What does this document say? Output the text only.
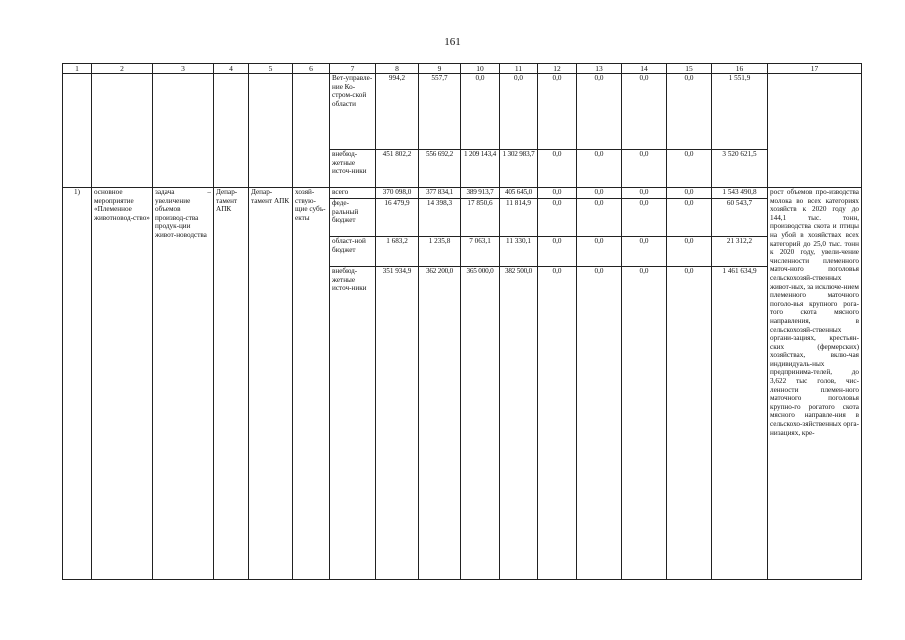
161
1	2	3	4	5	6	7	8	9	10	11	12	13	14	15	16	17
						Вет-управле-ние Ко-стром-ской области	994,2	557,7	0,0	0,0	0,0	0,0	0,0	0,0	1 551,9	
						внебюд-жетные источ-ники	451 802,2	556 692,2	1 209 143,4	1 302 983,7	0,0	0,0	0,0	0,0	3 520 621,5	
1)	основное мероприятие «Племенное животновод-ство»	задача – увеличение объемов производ-ства продук-ции живот-новодства	Депар-тамент АПК	Депар-тамент АПК	хозяй-ствую-щие субъ-екты	всего	370 098,0	377 834,1	389 913,7	405 645,0	0,0	0,0	0,0	0,0	1 543 490,8	рост объемов про-изводства молока во всех категориях хозяйств к 2020 году до 144,1 тыс. тонн, производства скота и птицы на убой в хозяйствах всех категорий до 25,0 тыс. тонн к 2020 году, увели-чение численности племенного маточ-ного поголовья сельскохозяй-ственных живот-ных, за исключе-нием племенного маточного поголо-вья крупного рога-того скота мясного направления, в сельскохозяй-ственных органи-зациях, крестьян-ских (фермерских) хозяйствах, вклю-чая индивидуаль-ных предпринима-телей, до 3,622 тыс голов, чис-ленности племен-ного маточного поголовья крупно-го рогатого скота мясного направле-ния в сельскохо-зяйственных орга-низациях, кре-
						феде-ральный бюджет	16 479,9	14 398,3	17 850,6	11 814,9	0,0	0,0	0,0	0,0	60 543,7	
						област-ной бюджет	1 683,2	1 235,8	7 063,1	11 330,1	0,0	0,0	0,0	0,0	21 312,2	
						внебюд-жетные источ-ники	351 934,9	362 200,0	365 000,0	382 500,0	0,0	0,0	0,0	0,0	1 461 634,9	
